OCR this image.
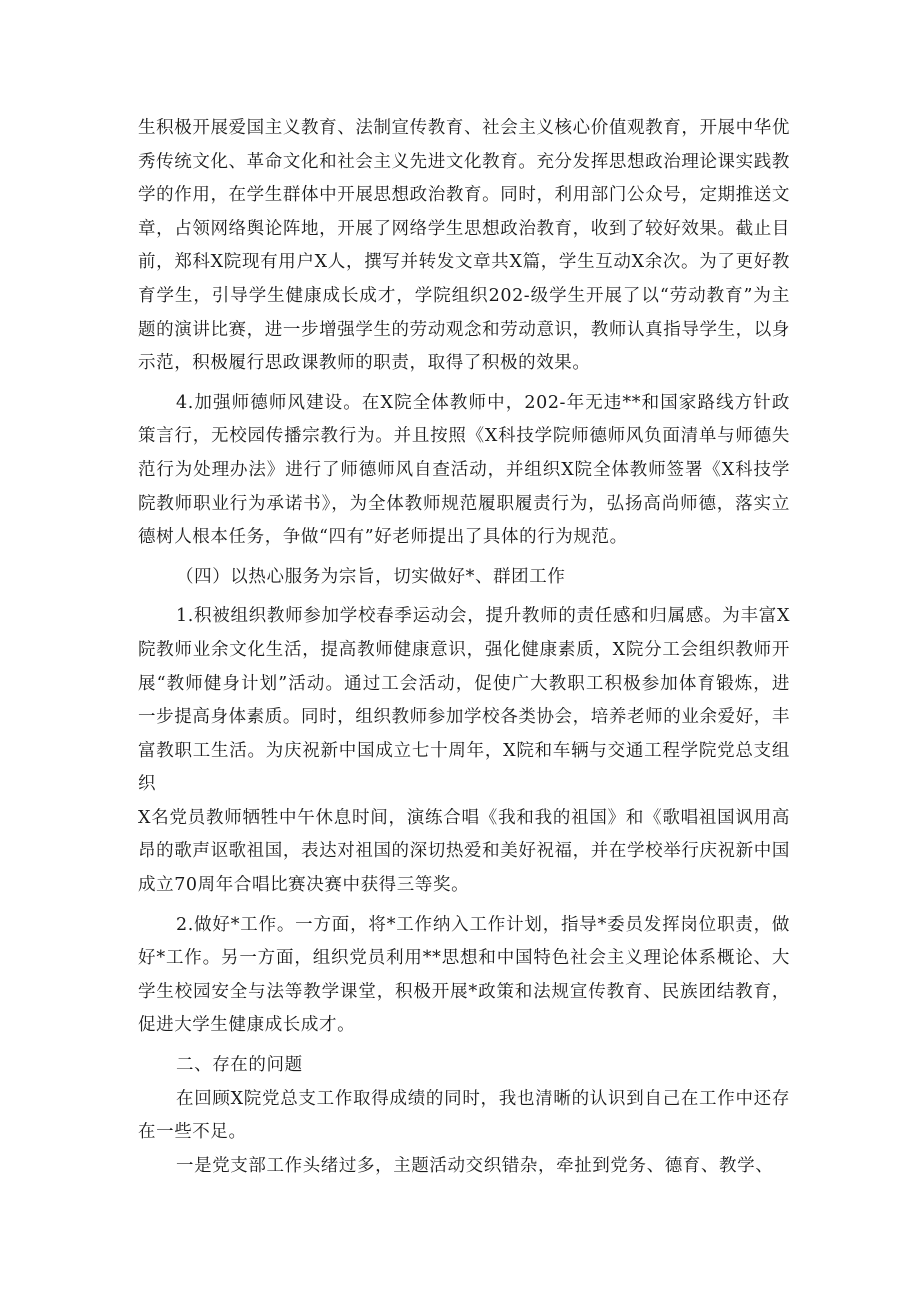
生积极开展爱国主义教育、法制宣传教育、社会主义核心价值观教育，开展中华优秀传统文化、革命文化和社会主义先进文化教育。充分发挥思想政治理论课实践教学的作用，在学生群体中开展思想政治教育。同时，利用部门公众号，定期推送文章，占领网络舆论阵地，开展了网络学生思想政治教育，收到了较好效果。截止目前，郑科X院现有用户X人，撰写并转发文章共X篇，学生互动X余次。为了更好教育学生，引导学生健康成长成才，学院组织202-级学生开展了以“劳动教育”为主题的演讲比赛，进一步增强学生的劳动观念和劳动意识，教师认真指导学生，以身示范，积极履行思政课教师的职责，取得了积极的效果。

4.加强师德师风建设。在X院全体教师中，202-年无违**和国家路线方针政策言行，无校园传播宗教行为。并且按照《X科技学院师德师风负面清单与师德失范行为处理办法》进行了师德师风自查活动，并组织X院全体教师签署《X科技学院教师职业行为承诺书》，为全体教师规范履职履责行为，弘扬高尚师德，落实立德树人根本任务，争做“四有”好老师提出了具体的行为规范。

（四）以热心服务为宗旨，切实做好*、群团工作

1.积被组织教师参加学校春季运动会，提升教师的责任感和归属感。为丰富X院教师业余文化生活，提高教师健康意识，强化健康素质，X院分工会组织教师开展“教师健身计划”活动。通过工会活动，促使广大教职工积极参加体育锻炼，进一步提高身体素质。同时，组织教师参加学校各类协会，培养老师的业余爱好，丰富教职工生活。为庆祝新中国成立七十周年，X院和车辆与交通工程学院党总支组织

X名党员教师牺牲中午休息时间，演练合唱《我和我的祖国》和《歌唱祖国讽用高昂的歌声讴歌祖国，表达对祖国的深切热爱和美好祝福，并在学校举行庆祝新中国成立70周年合唱比赛决赛中获得三等奖。

2.做好*工作。一方面，将*工作纳入工作计划，指导*委员发挥岗位职责，做好*工作。另一方面，组织党员利用**思想和中国特色社会主义理论体系概论、大学生校园安全与法等教学课堂，积极开展*政策和法规宣传教育、民族团结教育，促进大学生健康成长成才。

二、存在的问题

在回顾X院党总支工作取得成绩的同时，我也清晰的认识到自己在工作中还存在一些不足。

一是党支部工作头绪过多，主题活动交织错杂，牵扯到党务、德育、教学、
